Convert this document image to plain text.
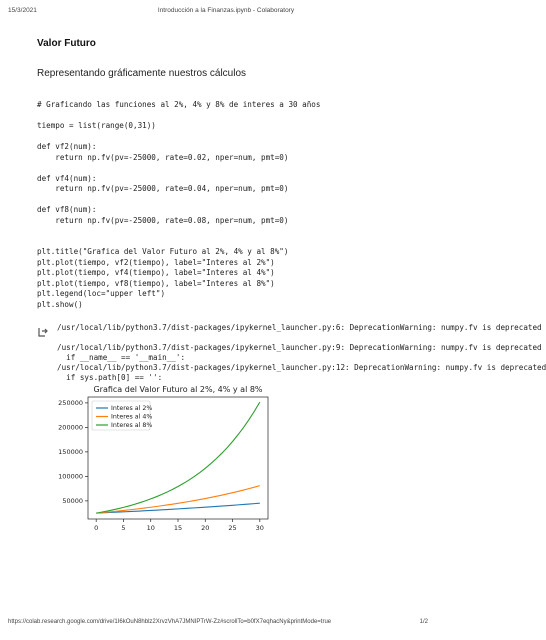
15/3/2021	Introducción a la Finanzas.ipynb - Colaboratory
Valor Futuro
Representando gráficamente nuestros cálculos
# Graficando las funciones al 2%, 4% y 8% de interes a 30 años
tiempo = list(range(0,31))
def vf2(num):
return np.fv(pv=-25000, rate=0.02, nper=num, pmt=0)
def vf4(num):
return np.fv(pv=-25000, rate=0.04, nper=num, pmt=0)
def vf8(num):
return np.fv(pv=-25000, rate=0.08, nper=num, pmt=0)
plt.title("Grafica del Valor Futuro al 2%, 4% y al 8%")
plt.plot(tiempo, vf2(tiempo), label="Interes al 2%")
plt.plot(tiempo, vf4(tiempo), label="Interes al 4%")
plt.plot(tiempo, vf8(tiempo), label="Interes al 8%")
plt.legend(loc="upper left")
plt.show()
/usr/local/lib/python3.7/dist-packages/ipykernel_launcher.py:6: DeprecationWarning: numpy.fv is deprecated
/usr/local/lib/python3.7/dist-packages/ipykernel_launcher.py:9: DeprecationWarning: numpy.fv is deprecated
if __name__ == '__main__':
/usr/local/lib/python3.7/dist-packages/ipykernel_launcher.py:12: DeprecationWarning: numpy.fv is deprecated
if sys.path[0] == '':
Grafica del Valor Futuro al 2%, 4% y al 8%
0	5	10	15	20	25	30
50000
100000
150000
200000
250000
Interes al 2%
Interes al 4%
Interes al 8%
https://colab.research.google.com/drive/1I6kOuN8hblz2XrvzVhA7JMNIPTrW-Zz#scrollTo=b0fX7eqhacNy&printMode=true	1/2
